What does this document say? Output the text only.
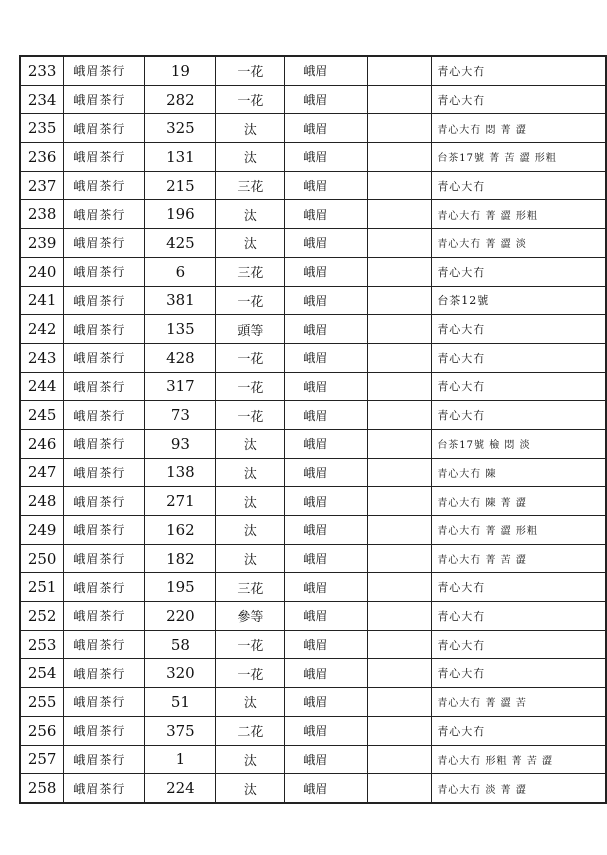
233	峨眉茶行	19	一花	峨眉		青心大冇
234	峨眉茶行	282	一花	峨眉		青心大冇
235	峨眉茶行	325	汰	峨眉		青心大冇 悶 菁 澀
236	峨眉茶行	131	汰	峨眉		台茶17號 菁 苦 澀 形粗
237	峨眉茶行	215	三花	峨眉		青心大冇
238	峨眉茶行	196	汰	峨眉		青心大冇 菁 澀 形粗
239	峨眉茶行	425	汰	峨眉		青心大冇 菁 澀 淡
240	峨眉茶行	6	三花	峨眉		青心大冇
241	峨眉茶行	381	一花	峨眉		台茶12號
242	峨眉茶行	135	頭等	峨眉		青心大冇
243	峨眉茶行	428	一花	峨眉		青心大冇
244	峨眉茶行	317	一花	峨眉		青心大冇
245	峨眉茶行	73	一花	峨眉		青心大冇
246	峨眉茶行	93	汰	峨眉		台茶17號 檢 悶 淡
247	峨眉茶行	138	汰	峨眉		青心大冇 陳
248	峨眉茶行	271	汰	峨眉		青心大冇 陳 菁 澀
249	峨眉茶行	162	汰	峨眉		青心大冇 菁 澀 形粗
250	峨眉茶行	182	汰	峨眉		青心大冇 菁 苦 澀
251	峨眉茶行	195	三花	峨眉		青心大冇
252	峨眉茶行	220	參等	峨眉		青心大冇
253	峨眉茶行	58	一花	峨眉		青心大冇
254	峨眉茶行	320	一花	峨眉		青心大冇
255	峨眉茶行	51	汰	峨眉		青心大冇 菁 澀 苦
256	峨眉茶行	375	二花	峨眉		青心大冇
257	峨眉茶行	1	汰	峨眉		青心大冇 形粗 菁 苦 澀
258	峨眉茶行	224	汰	峨眉		青心大冇 淡 菁 澀
